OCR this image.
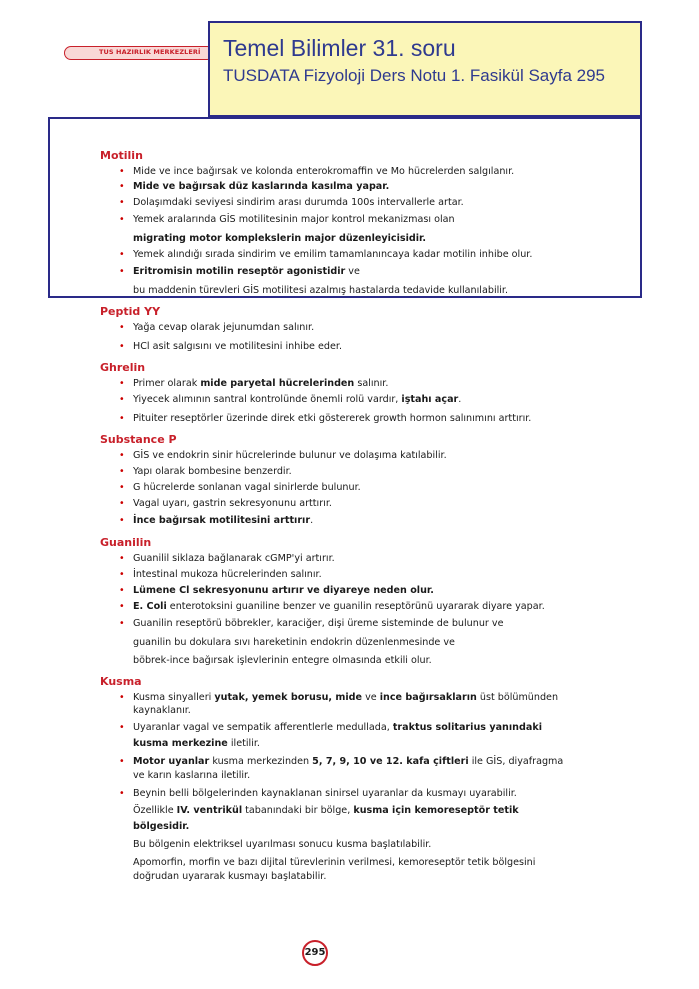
TUS HAZIRLIK MERKEZLERİ Temel Bilimler 31. soru
TUSDATA Fizyoloji Ders Notu 1. Fasikül Sayfa 295
Motilin
• Mide ve ince bağırsak ve kolonda enterokromaffin ve Mo hücrelerden salgılanır.
• Mide ve bağırsak düz kaslarında kasılma yapar.
• Dolaşımdaki seviyesi sindirim arası durumda 100s intervallerle artar.
• Yemek aralarında GİS motilitesinin major kontrol mekanizması olan
migrating motor komplekslerin major düzenleyicisidir.
• Yemek alındığı sırada sindirim ve emilim tamamlanıncaya kadar motilin inhibe olur.
• Eritromisin motilin reseptör agonistidir ve
bu maddenin türevleri GİS motilitesi azalmış hastalarda tedavide kullanılabilir.
Peptid YY
• Yağa cevap olarak jejunumdan salınır.
• HCl asit salgısını ve motilitesini inhibe eder.
Ghrelin
• Primer olarak mide paryetal hücrelerinden salınır.
• Yiyecek alımının santral kontrolünde önemli rolü vardır, iştahı açar.
• Pituiter reseptörler üzerinde direk etki göstererek growth hormon salınımını arttırır.
Substance P
• GİS ve endokrin sinir hücrelerinde bulunur ve dolaşıma katılabilir.
• Yapı olarak bombesine benzerdir.
• G hücrelerde sonlanan vagal sinirlerde bulunur.
• Vagal uyarı, gastrin sekresyonunu arttırır.
• İnce bağırsak motilitesini arttırır.
Guanilin
• Guanilil siklaza bağlanarak cGMP'yi artırır.
• İntestinal mukoza hücrelerinden salınır.
• Lümene Cl sekresyonunu artırır ve diyareye neden olur.
• E. Coli enterotoksini guaniline benzer ve guanilin reseptörünü uyararak diyare yapar.
• Guanilin reseptörü böbrekler, karaciğer, dişi üreme sisteminde de bulunur ve
guanilin bu dokulara sıvı hareketinin endokrin düzenlenmesinde ve
böbrek-ince bağırsak işlevlerinin entegre olmasında etkili olur.
Kusma
• Kusma sinyalleri yutak, yemek borusu, mide ve ince bağırsakların üst bölümünden
kaynaklanır.
• Uyaranlar vagal ve sempatik afferentlerle medullada, traktus solitarius yanındaki
kusma merkezine iletilir.
• Motor uyanlar kusma merkezinden 5, 7, 9, 10 ve 12. kafa çiftleri ile GİS, diyafragma
ve karın kaslarına iletilir.
• Beynin belli bölgelerinden kaynaklanan sinirsel uyaranlar da kusmayı uyarabilir.
Özellikle IV. ventrikül tabanındaki bir bölge, kusma için kemoreseptör tetik
bölgesidir.
Bu bölgenin elektriksel uyarılması sonucu kusma başlatılabilir.
Apomorfin, morfin ve bazı dijital türevlerinin verilmesi, kemoreseptör tetik bölgesini
doğrudan uyararak kusmayı başlatabilir.
295
